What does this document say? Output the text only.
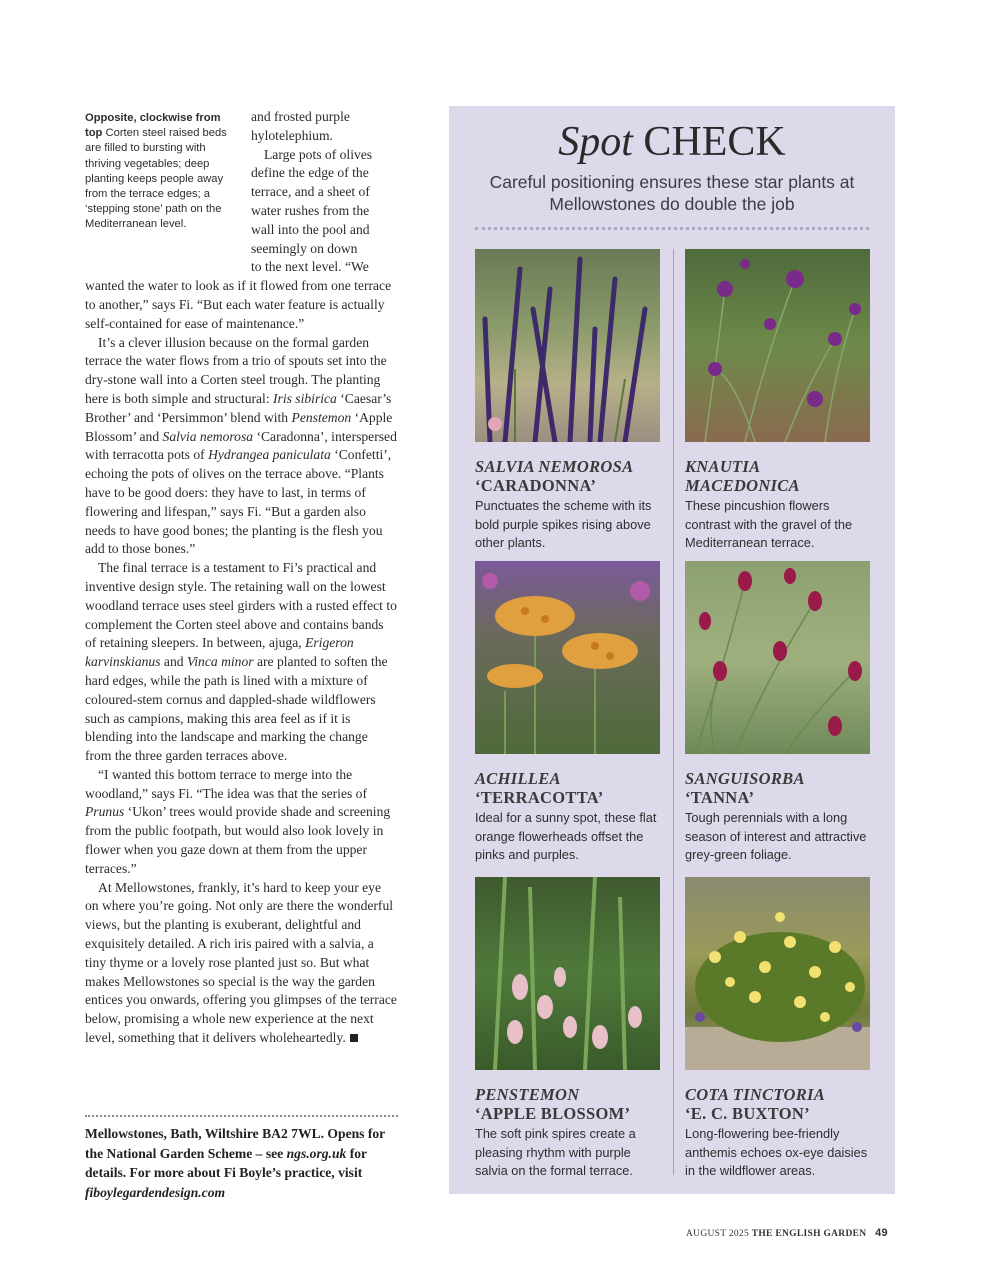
Opposite, clockwise from top Corten steel raised beds are filled to bursting with thriving vegetables; deep planting keeps people away from the terrace edges; a ‘stepping stone’ path on the Mediterranean level.
and frosted purple
hylotelephium.
Large pots of olives
define the edge of the
terrace, and a sheet of
water rushes from the
wall into the pool and
seemingly on down
to the next level. “We

wanted the water to look as if it flowed from one terrace to another,” says Fi. “But each water feature is actually self-contained for ease of maintenance.”

It’s a clever illusion because on the formal garden terrace the water flows from a trio of spouts set into the dry-stone wall into a Corten steel trough. The planting here is both simple and structural: Iris sibirica ‘Caesar’s Brother’ and ‘Persimmon’ blend with Penstemon ‘Apple Blossom’ and Salvia nemorosa ‘Caradonna’, interspersed with terracotta pots of Hydrangea paniculata ‘Confetti’, echoing the pots of olives on the terrace above. “Plants have to be good doers: they have to last, in terms of flowering and lifespan,” says Fi. “But a garden also needs to have good bones; the planting is the flesh you add to those bones.”

The final terrace is a testament to Fi’s practical and inventive design style. The retaining wall on the lowest woodland terrace uses steel girders with a rusted effect to complement the Corten steel above and contains bands of retaining sleepers. In between, ajuga, Erigeron karvinskianus and Vinca minor are planted to soften the hard edges, while the path is lined with a mixture of coloured-stem cornus and dappled-shade wildflowers such as campions, making this area feel as if it is blending into the landscape and marking the change from the three garden terraces above.

“I wanted this bottom terrace to merge into the woodland,” says Fi. “The idea was that the series of Prunus ‘Ukon’ trees would provide shade and screening from the public footpath, but would also look lovely in flower when you gaze down at them from the upper terraces.”

At Mellowstones, frankly, it’s hard to keep your eye on where you’re going. Not only are there the wonderful views, but the planting is exuberant, delightful and exquisitely detailed. A rich iris paired with a salvia, a tiny thyme or a lovely rose planted just so. But what makes Mellowstones so special is the way the garden entices you onwards, offering you glimpses of the terrace below, promising a whole new experience at the next level, something that it delivers wholeheartedly.

Mellowstones, Bath, Wiltshire BA2 7WL. Opens for the National Garden Scheme – see ngs.org.uk for details. For more about Fi Boyle’s practice, visit fiboylegardendesign.com
Spot CHECK
Careful positioning ensures these star plants at Mellowstones do double the job
SALVIA NEMOROSA
‘CARADONNA’
Punctuates the scheme with its bold purple spikes rising above other plants.
KNAUTIA MACEDONICA
These pincushion flowers contrast with the gravel of the Mediterranean terrace.
ACHILLEA
‘TERRACOTTA’
Ideal for a sunny spot, these flat orange flowerheads offset the pinks and purples.
SANGUISORBA
‘TANNA’
Tough perennials with a long season of interest and attractive grey-green foliage.
PENSTEMON
‘APPLE BLOSSOM’
The soft pink spires create a pleasing rhythm with purple salvia on the formal terrace.
COTA TINCTORIA
‘E. C. BUXTON’
Long-flowering bee-friendly anthemis echoes ox-eye daisies in the wildflower areas.
AUGUST 2025 THE ENGLISH GARDEN 49
